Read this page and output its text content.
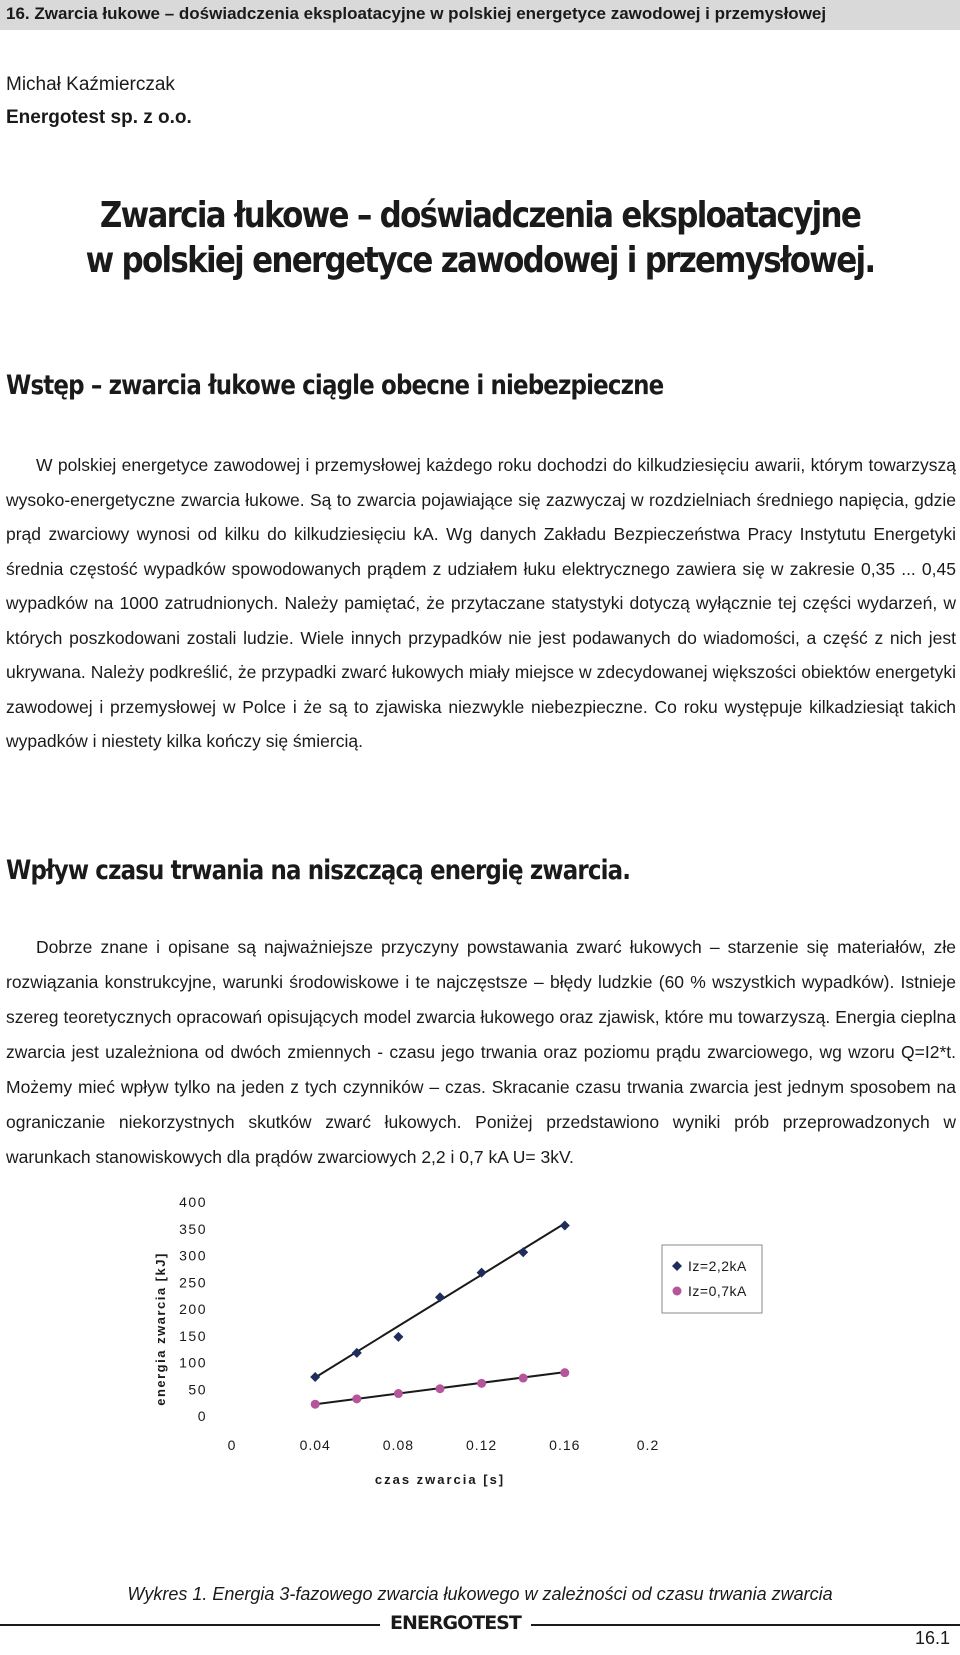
16. Zwarcia łukowe – doświadczenia eksploatacyjne w polskiej energetyce zawodowej i przemysłowej
Michał Kaźmierczak
Energotest sp. z o.o.
Zwarcia łukowe – doświadczenia eksploatacyjne
w polskiej energetyce zawodowej i przemysłowej.
Wstęp – zwarcia łukowe ciągle obecne i niebezpieczne

W polskiej energetyce zawodowej i przemysłowej każdego roku dochodzi do kilkudziesięciu awarii, którym towarzyszą wysoko-energetyczne zwarcia łukowe. Są to zwarcia pojawiające się zazwyczaj w rozdzielniach średniego napięcia, gdzie prąd zwarciowy wynosi od kilku do kilkudziesięciu kA. Wg danych Zakładu Bezpieczeństwa Pracy Instytutu Energetyki średnia częstość wypadków spowodowanych prądem z udziałem łuku elektrycznego zawiera się w zakresie 0,35 ... 0,45 wypadków na 1000 zatrudnionych. Należy pamiętać, że przytaczane statystyki dotyczą wyłącznie tej części wydarzeń, w których poszkodowani zostali ludzie. Wiele innych przypadków nie jest podawanych do wiadomości, a część z nich jest ukrywana. Należy podkreślić, że przypadki zwarć łukowych miały miejsce w zdecydowanej większości obiektów energetyki zawodowej i przemysłowej w Polce i że są to zjawiska niezwykle niebezpieczne. Co roku występuje kilkadziesiąt takich wypadków i niestety kilka kończy się śmiercią.

Wpływ czasu trwania na niszczącą energię zwarcia.

Dobrze znane i opisane są najważniejsze przyczyny powstawania zwarć łukowych – starzenie się materiałów, złe rozwiązania konstrukcyjne, warunki środowiskowe i te najczęstsze – błędy ludzkie (60 % wszystkich wypadków). Istnieje szereg teoretycznych opracowań opisujących model zwarcia łukowego oraz zjawisk, które mu towarzyszą. Energia cieplna zwarcia jest uzależniona od dwóch zmiennych - czasu jego trwania oraz poziomu prądu zwarciowego, wg wzoru Q=I2*t. Możemy mieć wpływ tylko na jeden z tych czynników – czas. Skracanie czasu trwania zwarcia jest jednym sposobem na ograniczanie niekorzystnych skutków zwarć łukowych. Poniżej przedstawiono wyniki prób przeprowadzonych w warunkach stanowiskowych dla prądów zwarciowych 2,2 i 0,7 kA U= 3kV.

0
50
100
150
200
250
300
350
400
0	0.04	0.08	0.12	0.16	0.2
czas zwarcia [s]
energia zwarcia [kJ]	Iz=2,2kA
Iz=0,7kA
Wykres 1. Energia 3-fazowego zwarcia łukowego w zależności od czasu trwania zwarcia
ENERGOTEST
16.1
